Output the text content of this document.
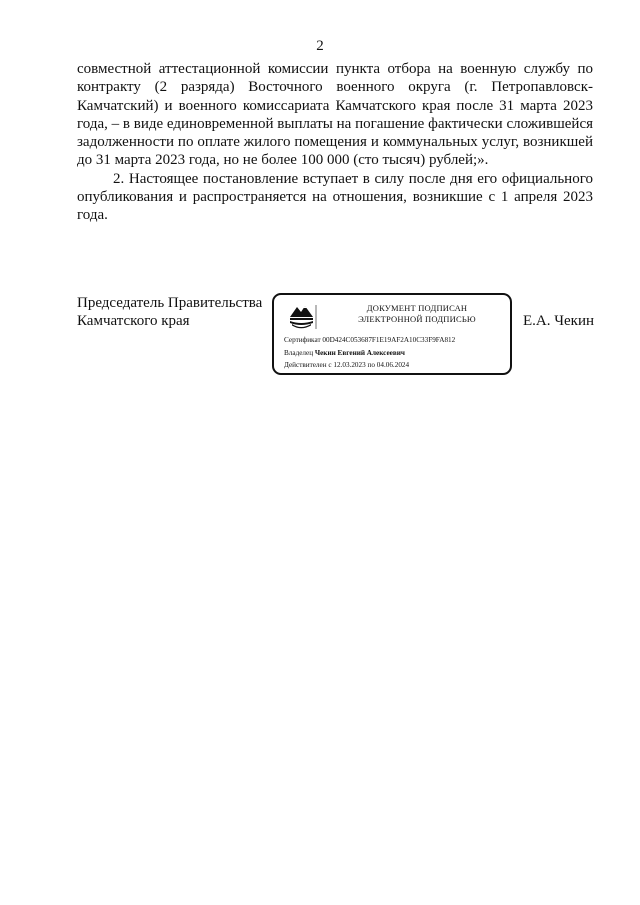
2

совместной аттестационной комиссии пункта отбора на военную службу по контракту (2 разряда) Восточного военного округа (г. Петропавловск-Камчатский) и военного комиссариата Камчатского края после 31 марта 2023 года, – в виде единовременной выплаты на погашение фактически сложившейся задолженности по оплате жилого помещения и коммунальных услуг, возникшей до 31 марта 2023 года, но не более 100 000 (сто тысяч) рублей;».

2. Настоящее постановление вступает в силу после дня его официального опубликования и распространяется на отношения, возникшие с 1 апреля 2023 года.

Председатель Правительства
Камчатского края
ДОКУМЕНТ ПОДПИСАН
ЭЛЕКТРОННОЙ ПОДПИСЬЮ
Сертификат 00D424C053687F1E19AF2A10C33F9FA812
Владелец Чекин Евгений Алексеевич
Действителен с 12.03.2023 по 04.06.2024
Е.А. Чекин
